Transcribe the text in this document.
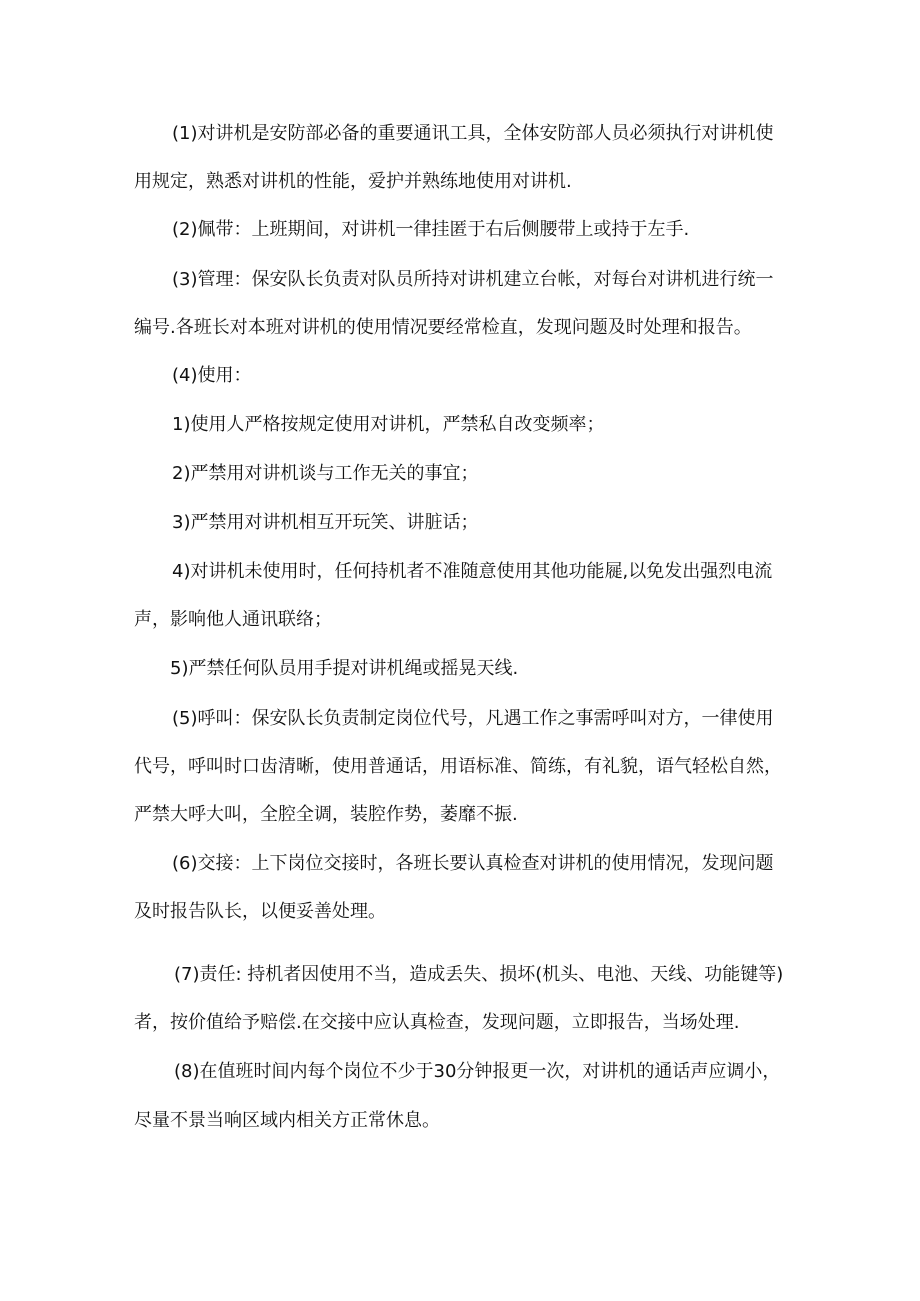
(1)对讲机是安防部必备的重要通讯工具，全体安防部人员必须执行对讲机使
用规定，熟悉对讲机的性能，爱护并熟练地使用对讲机.
(2)佩带：上班期间，对讲机一律挂匿于右后侧腰带上或持于左手.
(3)管理：保安队长负责对队员所持对讲机建立台帐，对每台对讲机进行统一
编号.各班长对本班对讲机的使用情况要经常检直，发现问题及时处理和报告。
(4)使用：
1)使用人严格按规定使用对讲机，严禁私自改变频率；
2)严禁用对讲机谈与工作无关的事宜；
3)严禁用对讲机相互开玩笑、讲脏话；
4)对讲机未使用时，任何持机者不准随意使用其他功能屣,以免发出强烈电流
声，影响他人通讯联络；
5)严禁任何队员用手提对讲机绳或摇晃天线.
(5)呼叫：保安队长负责制定岗位代号，凡遇工作之事需呼叫对方，一律使用
代号，呼叫时口齿清晰，使用普通话，用语标准、简练，有礼貌，语气轻松自然，
严禁大呼大叫，全腔全调，装腔作势，萎靡不振.
(6)交接：上下岗位交接时，各班长要认真检查对讲机的使用情况，发现问题
及时报告队长，以便妥善处理。
(7)责任: 持机者因使用不当，造成丢失、损坏(机头、电池、天线、功能键等)
者，按价值给予赔偿.在交接中应认真检查，发现问题，立即报告，当场处理.
(8)在值班时间内每个岗位不少于30分钟报更一次，对讲机的通话声应调小，
尽量不景当响区域内相关方正常休息。
